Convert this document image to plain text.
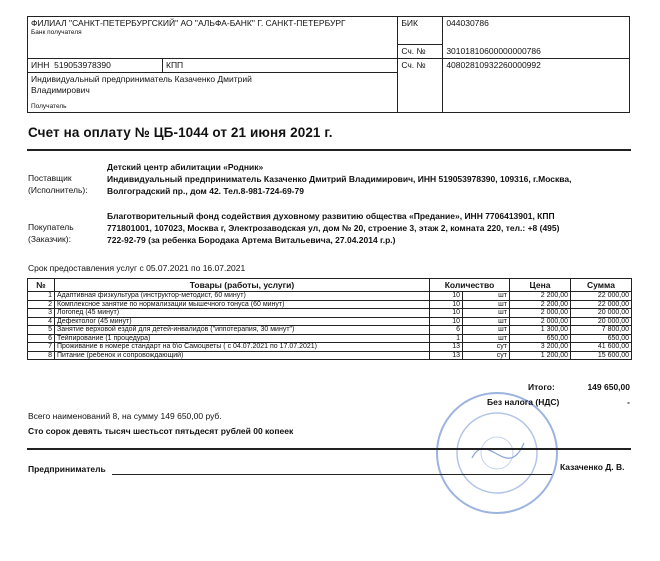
ФИЛИАЛ "САНКТ-ПЕТЕРБУРГСКИЙ" АО "АЛЬФА-БАНК" Г. САНКТ-ПЕТЕРБУРГ
Банк получателя		БИК	044030786
		Сч. №	30101810600000000786
ИНН 519053978390	КПП	Сч. №	40802810932260000992

Индивидуальный предприниматель Казаченко Дмитрий Владимирович
Получатель			
Счет на оплату № ЦБ-1044 от 21 июня 2021 г.
Поставщик
(Исполнитель):
Детский центр абилитации «Родник»
Индивидуальный предприниматель Казаченко Дмитрий Владимирович, ИНН 519053978390, 109316, г.Москва,
Волгоградский пр., дом 42. Тел.8-981-724-69-79
Покупатель
(Заказчик):
Благотворительный фонд содействия духовному развитию общества «Предание», ИНН 7706413901, КПП
771801001, 107023, Москва г, Электрозаводская ул, дом № 20, строение 3, этаж 2, комната 220, тел.: +8 (495)
722-92-79 (за ребенка Бородака Артема Витальевича, 27.04.2014 г.р.)
Срок предоставления услуг с 05.07.2021 по 16.07.2021
№	Товары (работы, услуги)	Количество		Цена	Сумма
1	Адаптивная физкультура (инструктор-методист, 60 минут)	10	шт	2 200,00	22 000,00
2	Комплексное занятие по нормализации мышечного тонуса (60 минут)	10	шт	2 200,00	22 000,00
3	Логопед (45 минут)	10	шт	2 000,00	20 000,00
4	Дефектолог (45 минут)	10	шт	2 000,00	20 000,00
5	Занятие верховой ездой для детей-инвалидов ("иппотерапия, 30 минут")	6	шт	1 300,00	7 800,00
6	Тейпирование (1 процедура)	1	шт	650,00	650,00
7	Проживание в номере стандарт на б\о Самоцветы ( с 04.07.2021 по 17.07.2021)	13	сут	3 200,00	41 600,00
8	Питание (ребенок и сопровождающий)	13	сут	1 200,00	15 600,00
Итого:	149 650,00
Без налога (НДС)	-
Всего наименований 8, на сумму 149 650,00 руб.
Сто сорок девять тысяч шестьсот пятьдесят рублей 00 копеек
Предприниматель	Казаченко Д. В.
